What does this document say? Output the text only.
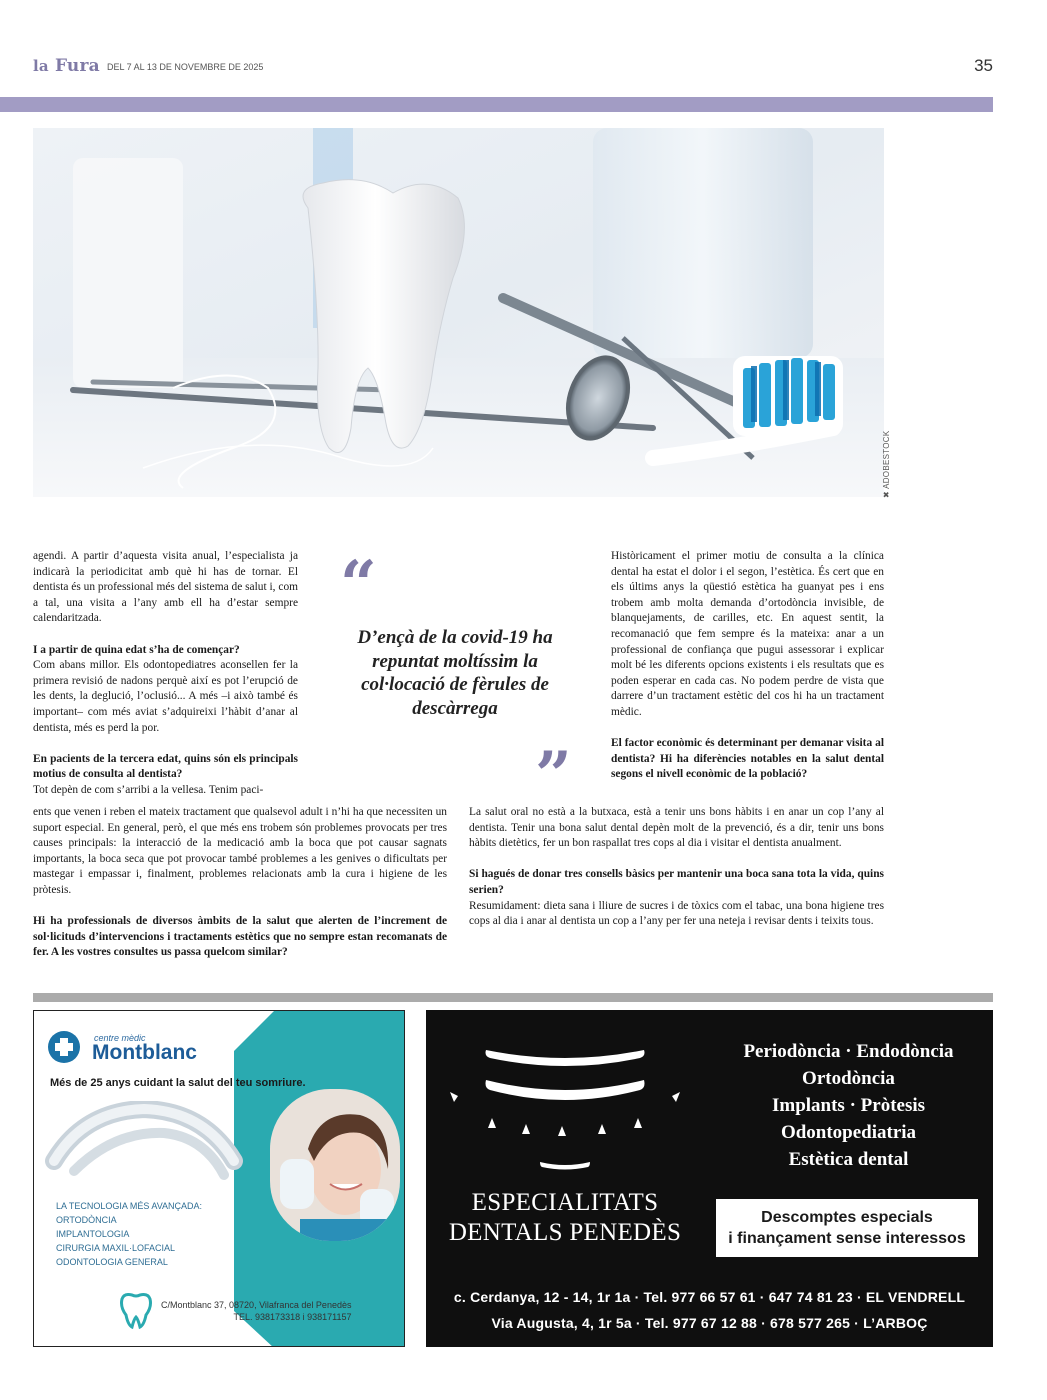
la Fura DEL 7 AL 13 DE NOVEMBRE DE 2025	35
✖ ADOBESTOCK

agendi. A partir d’aquesta visita anual, l’especialista ja indicarà la periodicitat amb què hi has de tornar. El dentista és un professional més del sistema de salut i, com a tal, una visita a l’any amb ell ha d’estar sempre calendaritzada.

I a partir de quina edat s’ha de començar?

Com abans millor. Els odontopediatres aconsellen fer la primera revisió de nadons perquè així es pot l’erupció de les dents, la deglució, l’oclusió... A més –i això també és important– com més aviat s’adquireixi l’hàbit d’anar al dentista, més es perd la por.

En pacients de la tercera edat, quins són els principals motius de consulta al dentista?
Tot depèn de com s’arribi a la vellesa. Tenim paci-
“
D’ençà de la covid-19 ha repuntat moltíssim la col·locació de fèrules de descàrrega
”

Històricament el primer motiu de consulta a la clínica dental ha estat el dolor i el segon, l’estètica. És cert que en els últims anys la qüestió estètica ha guanyat pes i ens trobem amb molta demanda d’ortodòncia invisible, de blanquejaments, de carilles, etc. En aquest sentit, la recomanació que fem sempre és la mateixa: anar a un professional de confiança que pugui assessorar i explicar molt bé les diferents opcions existents i els resultats que es poden esperar en cada cas. No podem perdre de vista que darrere d’un tractament estètic del cos hi ha un tractament mèdic.

El factor econòmic és determinant per demanar visita al dentista? Hi ha diferències notables en la salut dental segons el nivell econòmic de la població?

ents que venen i reben el mateix tractament que qualsevol adult i n’hi ha que necessiten un suport especial. En general, però, el que més ens trobem són problemes provocats per tres causes principals: la interacció de la medicació amb la boca que pot causar sagnats importants, la boca seca que pot provocar també problemes a les genives o dificultats per mastegar i empassar i, finalment, problemes relacionats amb la cura i higiene de les pròtesis.

Hi ha professionals de diversos àmbits de la salut que alerten de l’increment de sol·licituds d’intervencions i tractaments estètics que no sempre estan recomanats de fer. A les vostres consultes us passa quelcom similar?

La salut oral no està a la butxaca, està a tenir uns bons hàbits i en anar un cop l’any al dentista. Tenir una bona salut dental depèn molt de la prevenció, és a dir, tenir uns bons hàbits dietètics, fer un bon raspallat tres cops al dia i visitar el dentista anualment.

Si hagués de donar tres consells bàsics per mantenir una boca sana tota la vida, quins serien?
Resumidament: dieta sana i lliure de sucres i de tòxics com el tabac, una bona higiene tres cops al dia i anar al dentista un cop a l’any per fer una neteja i revisar dents i teixits tous.
centre mèdic
Montblanc
Més de 25 anys cuidant la salut del teu somriure.
LA TECNOLOGIA MÉS AVANÇADA:
ORTODÒNCIA
IMPLANTOLOGIA
CIRURGIA MAXIL·LOFACIAL
ODONTOLOGIA GENERAL
C/Montblanc 37, 08720, Vilafranca del Penedès
TEL. 938173318 i 938171157
ESPECIALITATS
DENTALS PENEDÈS
Periodòncia · Endodòncia
Ortodòncia
Implants · Pròtesis
Odontopediatria
Estètica dental
Descomptes especials
i finançament sense interessos
c. Cerdanya, 12 - 14, 1r 1a · Tel. 977 66 57 61 · 647 74 81 23 · EL VENDRELL
Via Augusta, 4, 1r 5a · Tel. 977 67 12 88 · 678 577 265 · L’ARBOÇ
